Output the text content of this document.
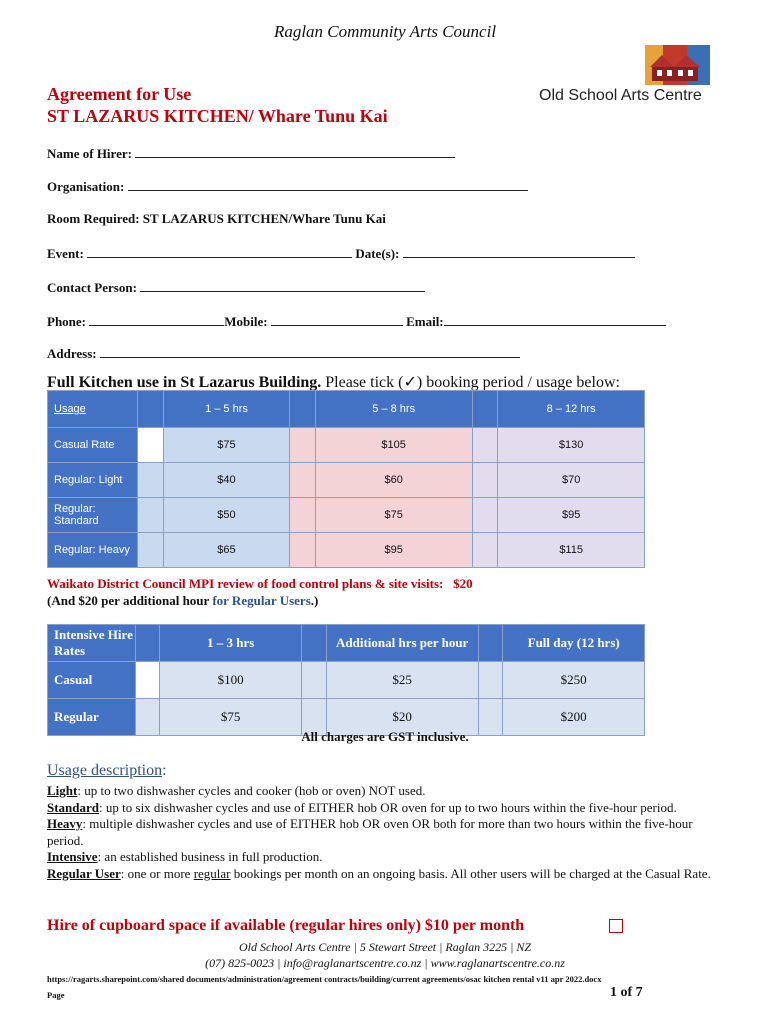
Raglan Community Arts Council
Agreement for Use
ST LAZARUS KITCHEN/ Whare Tunu Kai
Old School Arts Centre
Name of Hirer:
Organisation:
Room Required: ST LAZARUS KITCHEN/Whare Tunu Kai
Event:	Date(s):
Contact Person:
Phone:	Mobile:	Email:
Address:
Full Kitchen use in St Lazarus Building. Please tick (✓) booking period / usage below:
Usage		1 – 5 hrs		5 – 8 hrs		8 – 12 hrs
Casual Rate		$75		$105		$130
Regular: Light		$40		$60		$70
Regular: Standard		$50		$75		$95
Regular: Heavy		$65		$95		$115
Waikato District Council MPI review of food control plans & site visits:   $20
(And $20 per additional hour for Regular Users.)
Intensive Hire Rates		1 – 3 hrs		Additional hrs per hour		Full day (12 hrs)
Casual		$100		$25		$250
Regular		$75		$20		$200
All charges are GST inclusive.
Usage description:
Light: up to two dishwasher cycles and cooker (hob or oven) NOT used.
Standard: up to six dishwasher cycles and use of EITHER hob OR oven for up to two hours within the five-hour period.
Heavy: multiple dishwasher cycles and use of EITHER hob OR oven OR both for more than two hours within the five-hour period.
Intensive: an established business in full production.
Regular User: one or more regular bookings per month on an ongoing basis. All other users will be charged at the Casual Rate.
Hire of cupboard space if available (regular hires only) $10 per month
Old School Arts Centre | 5 Stewart Street | Raglan 3225 | NZ
(07) 825-0023 | info@raglanartscentre.co.nz | www.raglanartscentre.co.nz
https://ragarts.sharepoint.com/shared documents/administration/agreement contracts/building/current agreements/osac kitchen rental v11 apr 2022.docx
Page	1 of 7
